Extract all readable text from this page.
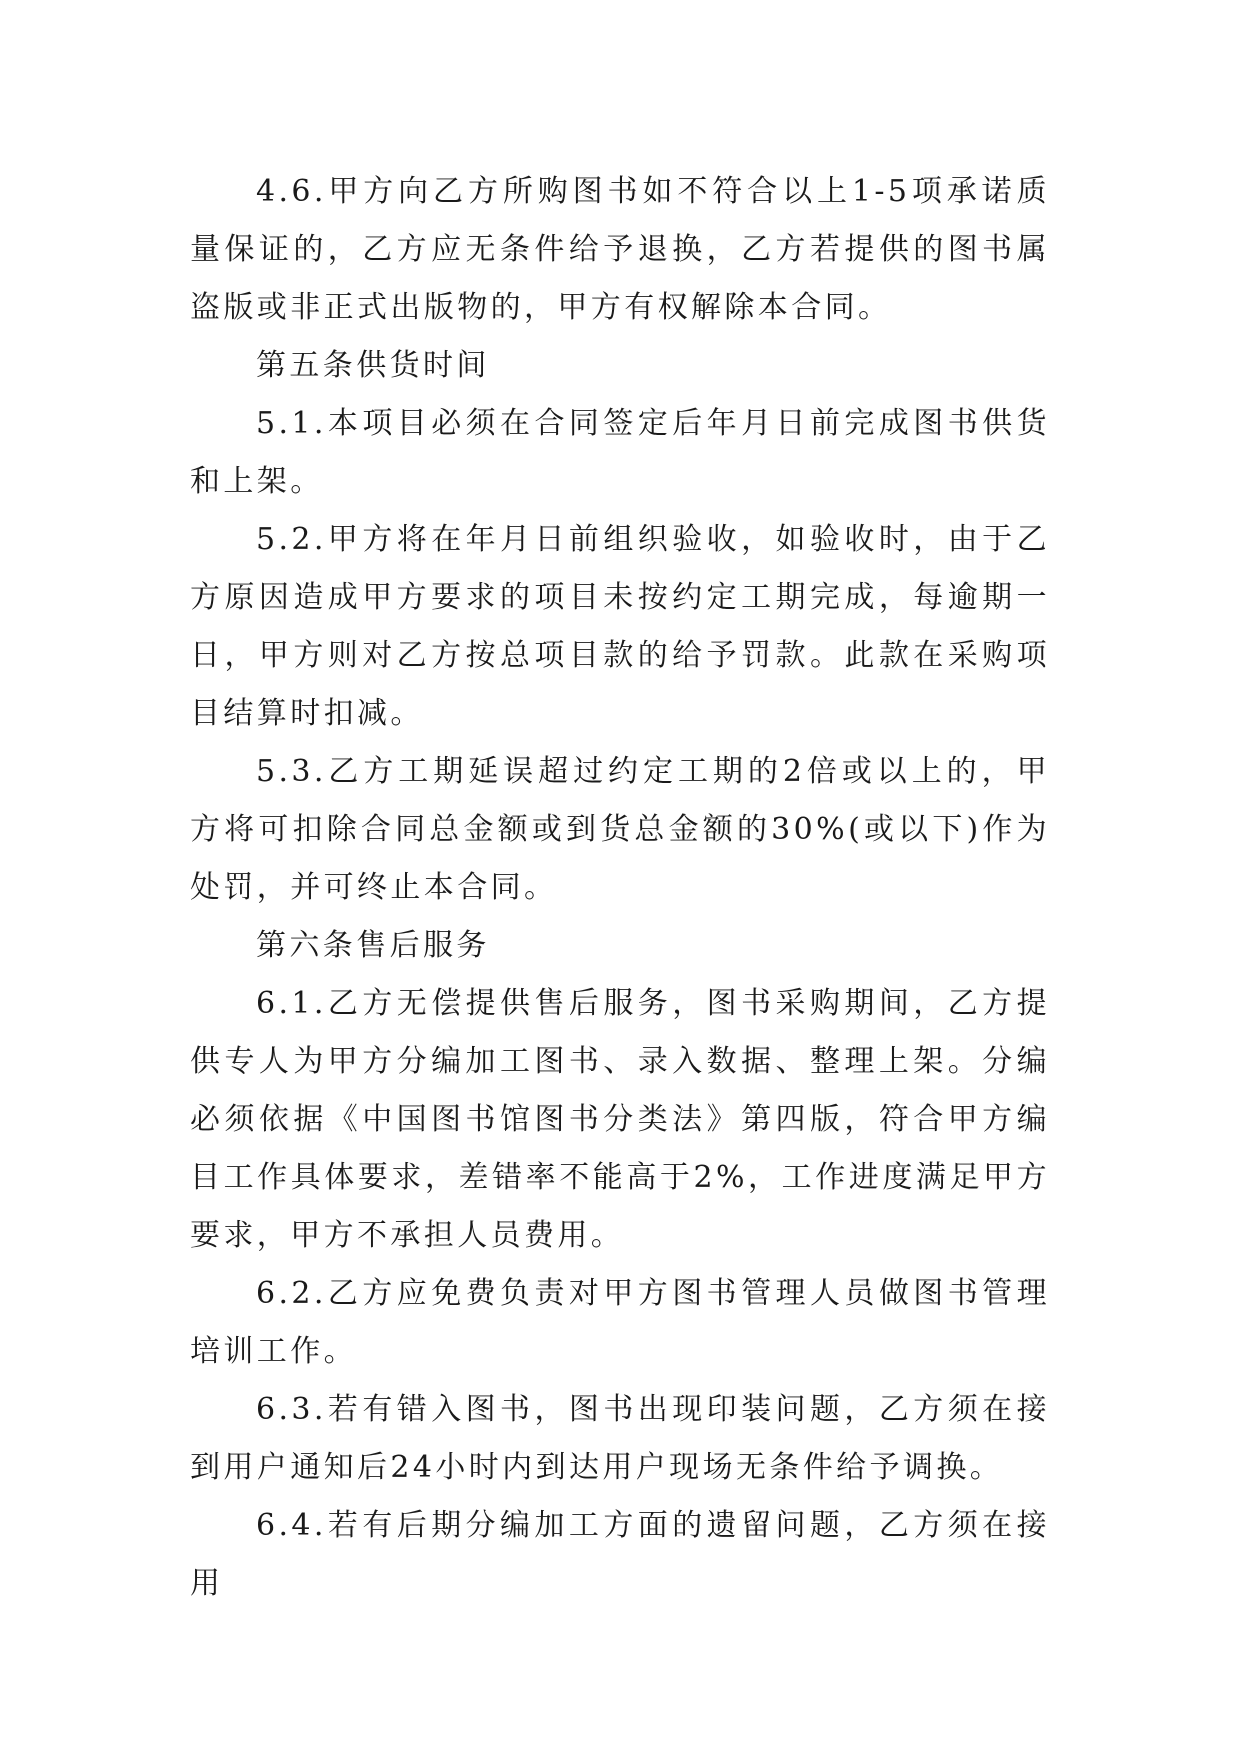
4.6.甲方向乙方所购图书如不符合以上1-5项承诺质量保证的，乙方应无条件给予退换，乙方若提供的图书属盗版或非正式出版物的，甲方有权解除本合同。

第五条供货时间

5.1.本项目必须在合同签定后年月日前完成图书供货和上架。

5.2.甲方将在年月日前组织验收，如验收时，由于乙方原因造成甲方要求的项目未按约定工期完成，每逾期一日，甲方则对乙方按总项目款的给予罚款。此款在采购项目结算时扣减。

5.3.乙方工期延误超过约定工期的2倍或以上的，甲方将可扣除合同总金额或到货总金额的30%(或以下)作为处罚，并可终止本合同。

第六条售后服务

6.1.乙方无偿提供售后服务，图书采购期间，乙方提供专人为甲方分编加工图书、录入数据、整理上架。分编必须依据《中国图书馆图书分类法》第四版，符合甲方编目工作具体要求，差错率不能高于2%，工作进度满足甲方要求，甲方不承担人员费用。

6.2.乙方应免费负责对甲方图书管理人员做图书管理培训工作。

6.3.若有错入图书，图书出现印装问题，乙方须在接到用户通知后24小时内到达用户现场无条件给予调换。

6.4.若有后期分编加工方面的遗留问题，乙方须在接用
